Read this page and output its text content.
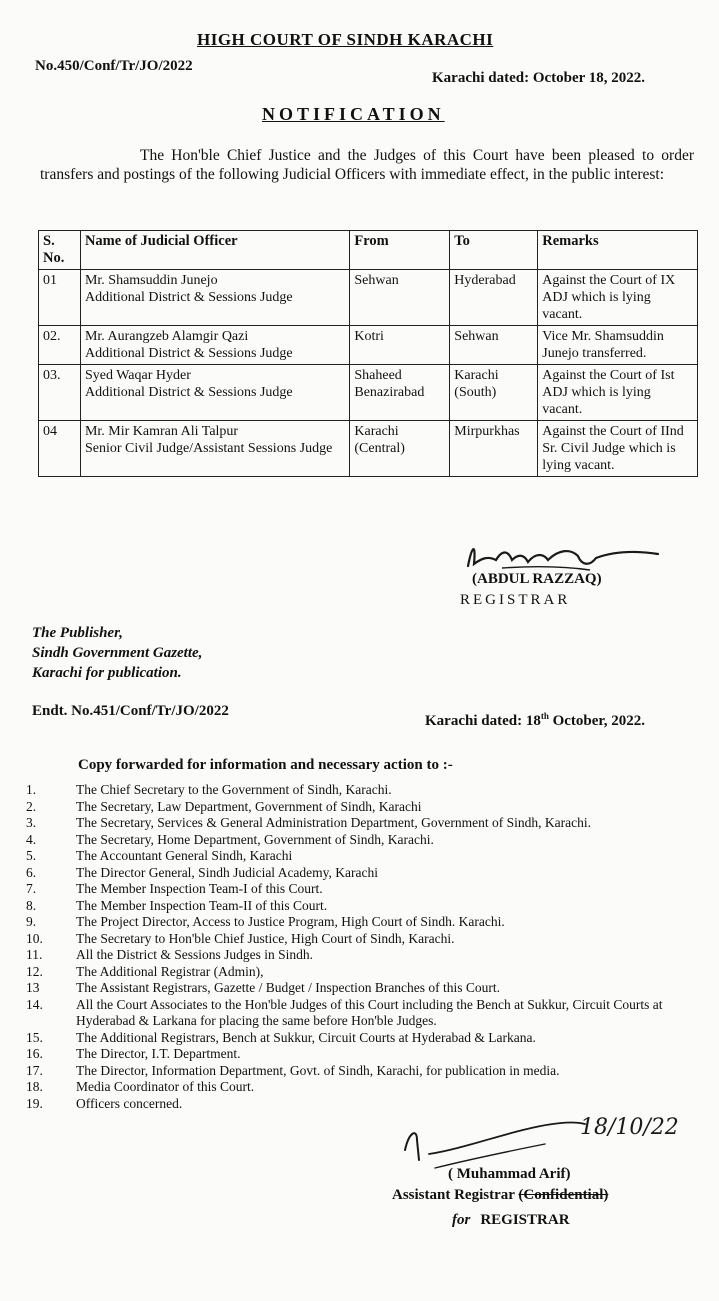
HIGH COURT OF SINDH KARACHI
No.450/Conf/Tr/JO/2022
Karachi dated: October 18, 2022.
NOTIFICATION
The Hon'ble Chief Justice and the Judges of this Court have been pleased to order transfers and postings of the following Judicial Officers with immediate effect, in the public interest:
S. No.	Name of Judicial Officer	From	To	Remarks
01	Mr. Shamsuddin Junejo
Additional District & Sessions Judge	Sehwan	Hyderabad	Against the Court of IX ADJ which is lying vacant.
02.	Mr. Aurangzeb Alamgir Qazi
Additional District & Sessions Judge	Kotri	Sehwan	Vice Mr. Shamsuddin Junejo transferred.
03.	Syed Waqar Hyder
Additional District & Sessions Judge	Shaheed Benazirabad	Karachi (South)	Against the Court of Ist ADJ which is lying vacant.
04	Mr. Mir Kamran Ali Talpur
Senior Civil Judge/Assistant Sessions Judge	Karachi (Central)	Mirpurkhas	Against the Court of IInd Sr. Civil Judge which is lying vacant.
(ABDUL RAZZAQ)
REGISTRAR
The Publisher,
Sindh Government Gazette,
Karachi for publication.
Endt. No.451/Conf/Tr/JO/2022
Karachi dated: 18th October, 2022.
Copy forwarded for information and necessary action to :-
1.	The Chief Secretary to the Government of Sindh, Karachi.
2.	The Secretary, Law Department, Government of Sindh, Karachi
3.	The Secretary, Services & General Administration Department, Government of Sindh, Karachi.
4.	The Secretary, Home Department, Government of Sindh, Karachi.
5.	The Accountant General Sindh, Karachi
6.	The Director General, Sindh Judicial Academy, Karachi
7.	The Member Inspection Team-I of this Court.
8.	The Member Inspection Team-II of this Court.
9.	The Project Director, Access to Justice Program, High Court of Sindh. Karachi.
10.	The Secretary to Hon'ble Chief Justice, High Court of Sindh, Karachi.
11.	All the District & Sessions Judges in Sindh.
12.	The Additional Registrar (Admin),
13	The Assistant Registrars, Gazette / Budget / Inspection Branches of this Court.
14.	All the Court Associates to the Hon'ble Judges of this Court including the Bench at Sukkur, Circuit Courts at Hyderabad & Larkana for placing the same before Hon'ble Judges.
15.	The Additional Registrars, Bench at Sukkur, Circuit Courts at Hyderabad & Larkana.
16.	The Director, I.T. Department.
17.	The Director, Information Department, Govt. of Sindh, Karachi, for publication in media.
18.	Media Coordinator of this Court.
19.	Officers concerned.
18/10/22
( Muhammad Arif)
Assistant Registrar (Confidential)
for REGISTRAR
